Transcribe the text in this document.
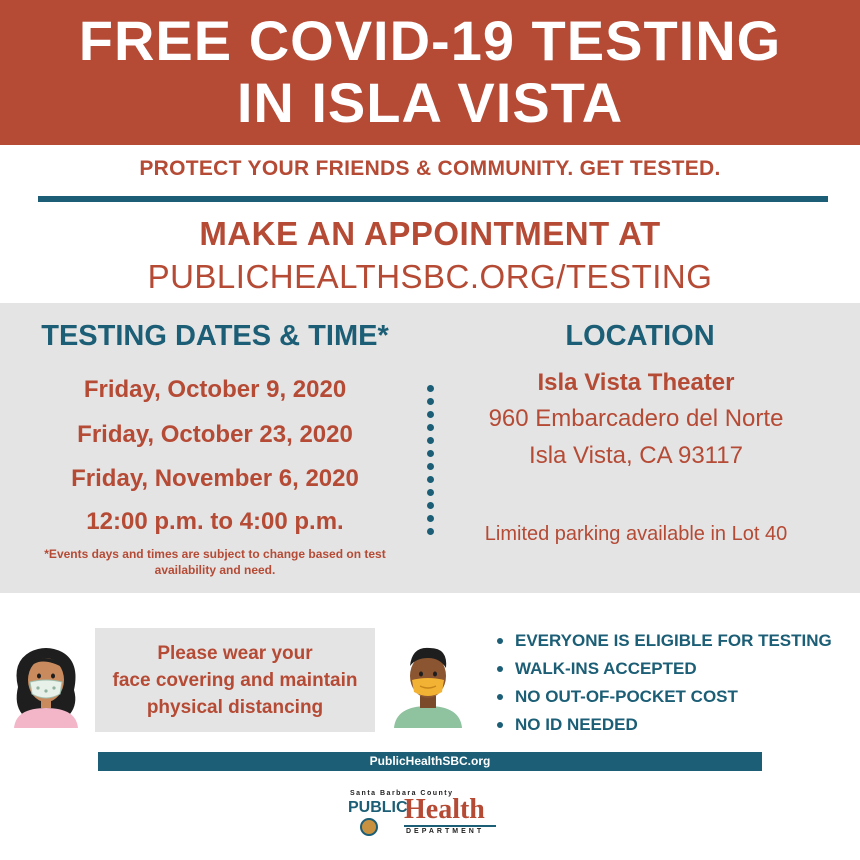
FREE COVID-19 TESTING
IN ISLA VISTA
PROTECT YOUR FRIENDS & COMMUNITY. GET TESTED.
MAKE AN APPOINTMENT AT
PUBLICHEALTHSBC.ORG/TESTING
TESTING DATES & TIME*
Friday, October 9, 2020
Friday, October 23, 2020
Friday, November 6, 2020
12:00 p.m. to 4:00 p.m.
*Events days and times are subject to change based on test availability and need.
LOCATION
Isla Vista Theater
960 Embarcadero del Norte
Isla Vista, CA 93117
Limited parking available in Lot 40
Please wear your
face covering and maintain
physical distancing
EVERYONE IS ELIGIBLE FOR TESTING
WALK-INS ACCEPTED
NO OUT-OF-POCKET COST
NO ID NEEDED
PublicHealthSBC.org
Santa Barbara County
PUBLIC
Health
DEPARTMENT
